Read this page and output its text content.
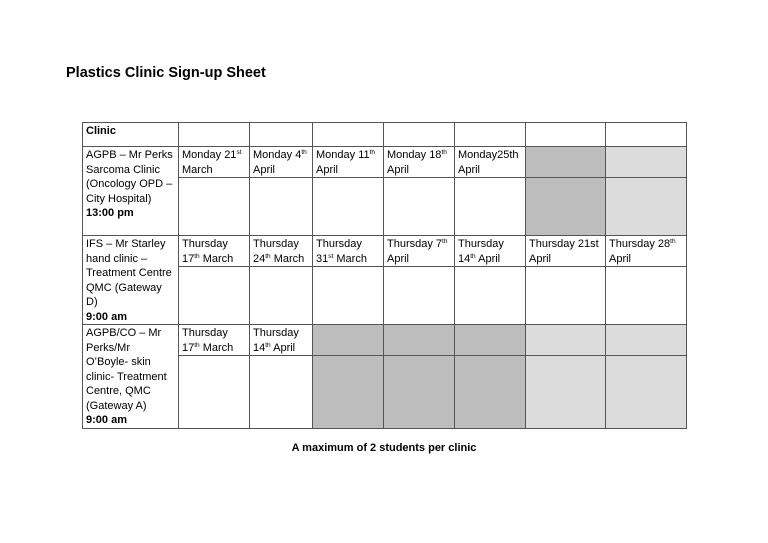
Plastics Clinic Sign-up Sheet
Clinic							
AGPB – Mr Perks Sarcoma Clinic (Oncology OPD – City Hospital)
13:00 pm	Monday 21st March	Monday 4th April	Monday 11th April	Monday 18th April	Monday25th April		

IFS – Mr Starley hand clinic – Treatment Centre QMC (Gateway D)
9:00 am	Thursday 17th March	Thursday 24th March	Thursday 31st March	Thursday 7th April	Thursday 14th April	Thursday 21st April	Thursday 28th April

AGPB/CO – Mr Perks/Mr O’Boyle- skin clinic- Treatment Centre, QMC (Gateway A)
9:00 am	Thursday 17th March	Thursday 14th April					

A maximum of 2 students per clinic
